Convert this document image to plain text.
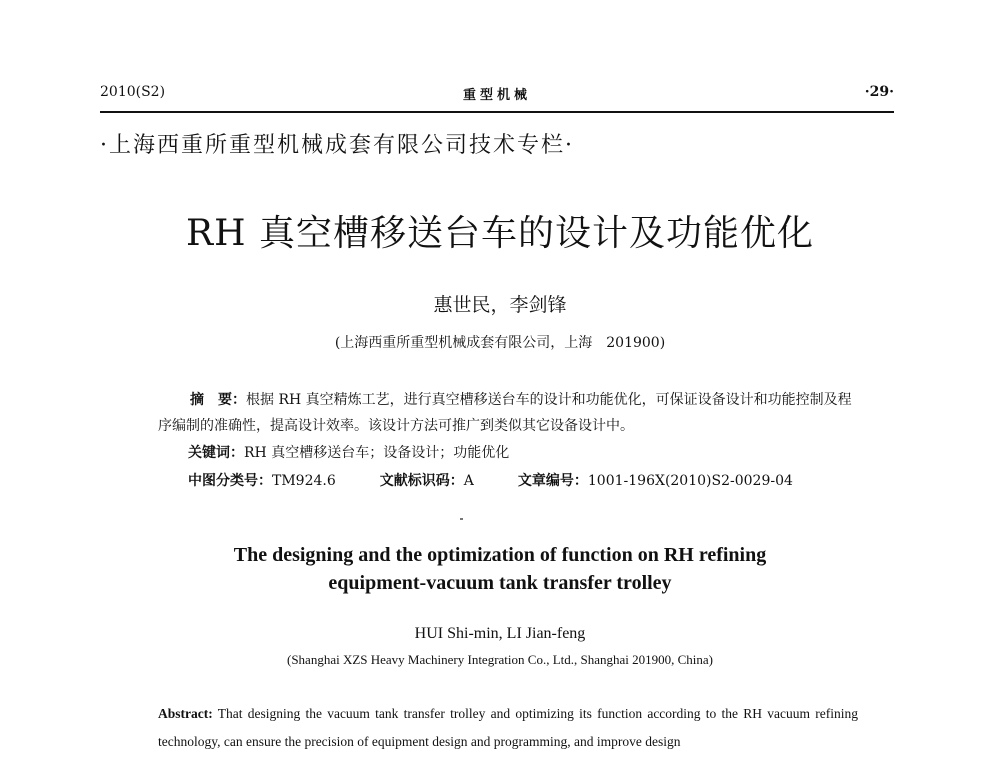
2010(S2)	重型机械	·29·
·上海西重所重型机械成套有限公司技术专栏·
RH 真空槽移送台车的设计及功能优化
惠世民，李剑锋
(上海西重所重型机械成套有限公司，上海　201900)
摘　要：根据 RH 真空精炼工艺，进行真空槽移送台车的设计和功能优化，可保证设备设计和功能控制及程序编制的准确性，提高设计效率。该设计方法可推广到类似其它设备设计中。
关键词：RH 真空槽移送台车；设备设计；功能优化
中图分类号：TM924.6	文献标识码：A	文章编号：1001-196X(2010)S2-0029-04
The designing and the optimization of function on RH refining equipment-vacuum tank transfer trolley
HUI Shi-min, LI Jian-feng
(Shanghai XZS Heavy Machinery Integration Co., Ltd., Shanghai 201900, China)
Abstract: That designing the vacuum tank transfer trolley and optimizing its function according to the RH vacuum refining technology, can ensure the precision of equipment design and programming, and improve design
